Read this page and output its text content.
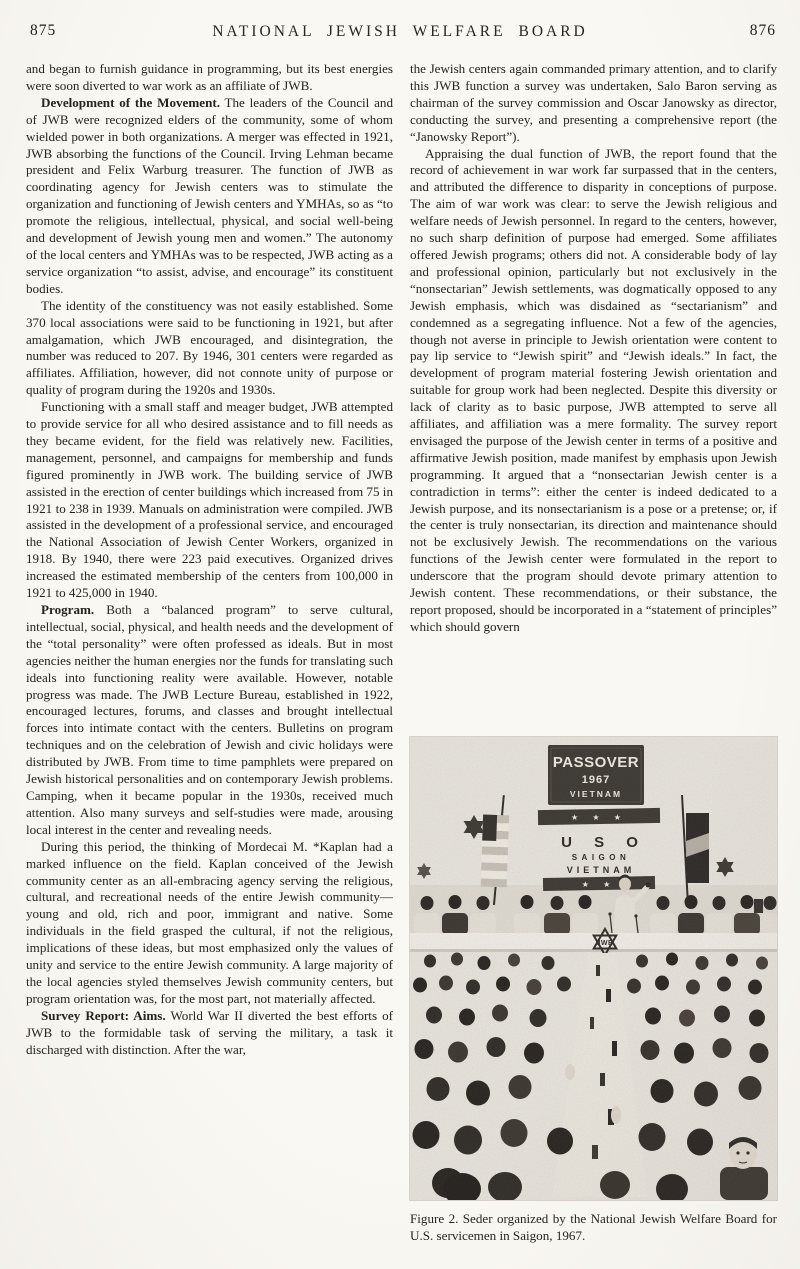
875	NATIONAL JEWISH WELFARE BOARD	876

and began to furnish guidance in programming, but its best energies were soon diverted to war work as an affiliate of JWB.

Development of the Movement. The leaders of the Council and of JWB were recognized elders of the community, some of whom wielded power in both organizations. A merger was effected in 1921, JWB absorbing the functions of the Council. Irving Lehman became president and Felix Warburg treasurer. The function of JWB as coordinating agency for Jewish centers was to stimulate the organization and functioning of Jewish centers and YMHAs, so as “to promote the religious, intellectual, physical, and social well-being and development of Jewish young men and women.” The autonomy of the local centers and YMHAs was to be respected, JWB acting as a service organization “to assist, advise, and encourage” its constituent bodies.

The identity of the constituency was not easily established. Some 370 local associations were said to be functioning in 1921, but after amalgamation, which JWB encouraged, and disintegration, the number was reduced to 207. By 1946, 301 centers were regarded as affiliates. Affiliation, however, did not connote unity of purpose or quality of program during the 1920s and 1930s.

Functioning with a small staff and meager budget, JWB attempted to provide service for all who desired assistance and to fill needs as they became evident, for the field was relatively new. Facilities, management, personnel, and campaigns for membership and funds figured prominently in JWB work. The building service of JWB assisted in the erection of center buildings which increased from 75 in 1921 to 238 in 1939. Manuals on administration were compiled. JWB assisted in the development of a professional service, and encouraged the National Association of Jewish Center Workers, organized in 1918. By 1940, there were 223 paid executives. Organized drives increased the estimated membership of the centers from 100,000 in 1921 to 425,000 in 1940.

Program. Both a “balanced program” to serve cultural, intellectual, social, physical, and health needs and the development of the “total personality” were often professed as ideals. But in most agencies neither the human energies nor the funds for translating such ideals into functioning reality were available. However, notable progress was made. The JWB Lecture Bureau, established in 1922, encouraged lectures, forums, and classes and brought intellectual forces into intimate contact with the centers. Bulletins on program techniques and on the celebration of Jewish and civic holidays were distributed by JWB. From time to time pamphlets were prepared on Jewish historical personalities and on contemporary Jewish problems. Camping, when it became popular in the 1930s, received much attention. Also many surveys and self-studies were made, arousing local interest in the center and revealing needs.

During this period, the thinking of Mordecai M. *Kaplan had a marked influence on the field. Kaplan conceived of the Jewish community center as an all-embracing agency serving the religious, cultural, and recreational needs of the entire Jewish community—young and old, rich and poor, immigrant and native. Some individuals in the field grasped the cultural, if not the religious, implications of these ideas, but most emphasized only the values of unity and service to the entire Jewish community. A large majority of the local agencies styled themselves Jewish community centers, but program orientation was, for the most part, not materially affected.

Survey Report: Aims. World War II diverted the best efforts of JWB to the formidable task of serving the military, a task it discharged with distinction. After the war,

the Jewish centers again commanded primary attention, and to clarify this JWB function a survey was undertaken, Salo Baron serving as chairman of the survey commission and Oscar Janowsky as director, conducting the survey, and presenting a comprehensive report (the “Janowsky Report”).

Appraising the dual function of JWB, the report found that the record of achievement in war work far surpassed that in the centers, and attributed the difference to disparity in conceptions of purpose. The aim of war work was clear: to serve the Jewish religious and welfare needs of Jewish personnel. In regard to the centers, however, no such sharp definition of purpose had emerged. Some affiliates offered Jewish programs; others did not. A considerable body of lay and professional opinion, particularly but not exclusively in the “nonsectarian” Jewish settlements, was dogmatically opposed to any Jewish emphasis, which was disdained as “sectarianism” and condemned as a segregating influence. Not a few of the agencies, though not averse in principle to Jewish orientation were content to pay lip service to “Jewish spirit” and “Jewish ideals.” In fact, the development of program material fostering Jewish orientation and suitable for group work had been neglected. Despite this diversity or lack of clarity as to basic purpose, JWB attempted to serve all affiliates, and affiliation was a mere formality. The survey report envisaged the purpose of the Jewish center in terms of a positive and affirmative Jewish position, made manifest by emphasis upon Jewish programming. It argued that a “nonsectarian Jewish center is a contradiction in terms”: either the center is indeed dedicated to a Jewish purpose, and its nonsectarianism is a pose or a pretense; or, if the center is truly nonsectarian, its direction and maintenance should not be exclusively Jewish. The recommendations on the various functions of the Jewish center were formulated in the report to underscore that the program should devote primary attention to Jewish content. These recommendations, or their substance, the report proposed, should be incorporated in a “statement of principles” which should govern

Figure 2. Seder organized by the National Jewish Welfare Board for U.S. servicemen in Saigon, 1967.
